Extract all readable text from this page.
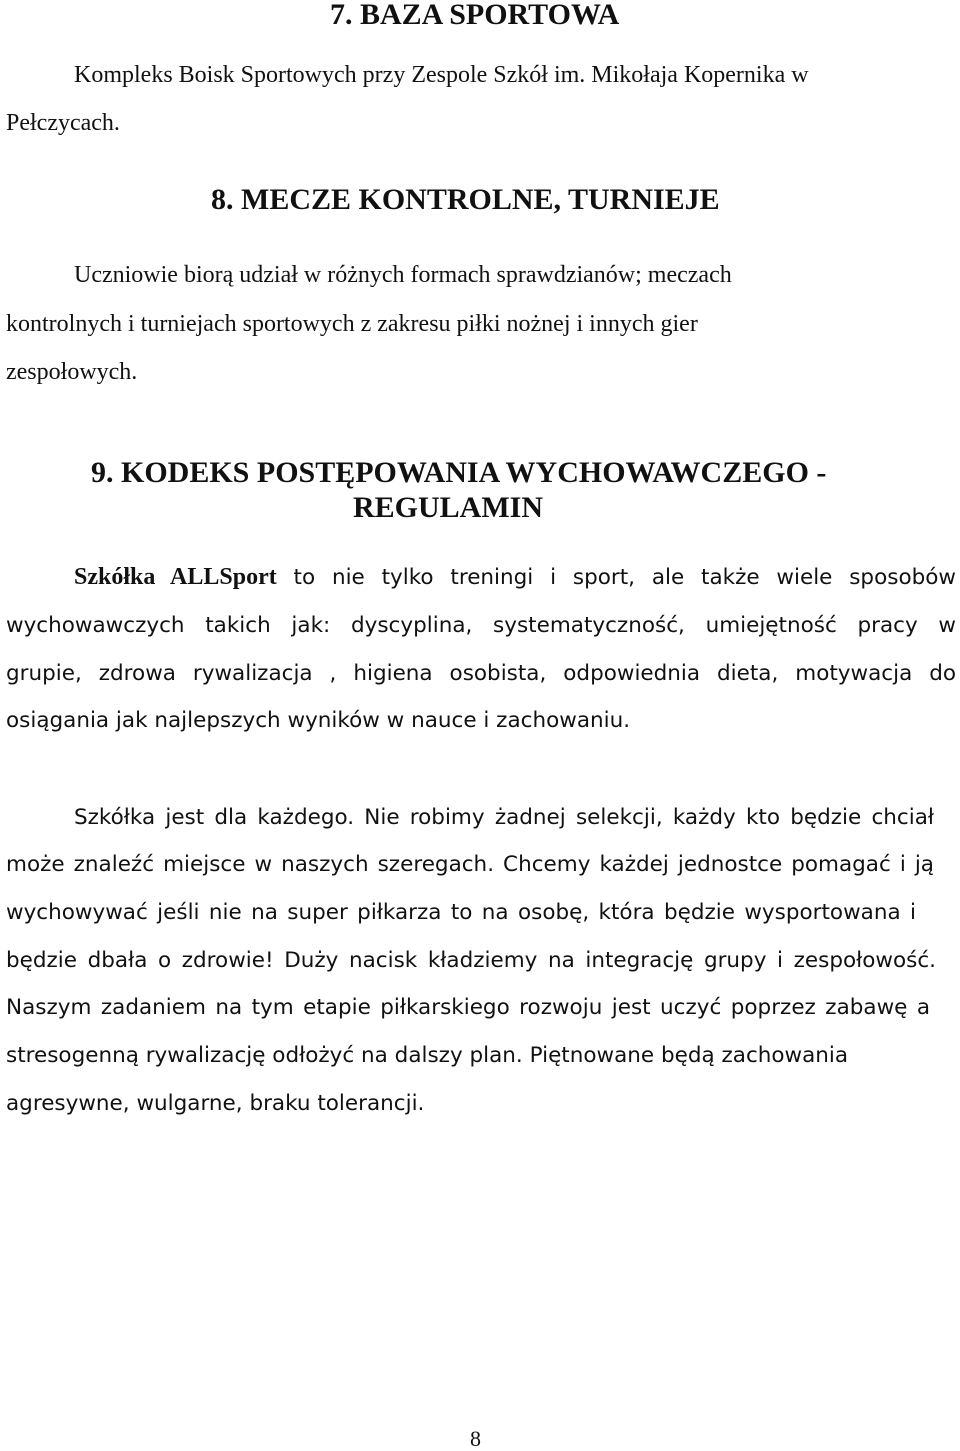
7. BAZA SPORTOWA

Kompleks Boisk Sportowych przy Zespole Szkół im. Mikołaja Kopernika w

Pełczycach.

8. MECZE KONTROLNE, TURNIEJE

Uczniowie biorą udział w różnych formach sprawdzianów; meczach

kontrolnych i turniejach sportowych z zakresu piłki nożnej i innych gier

zespołowych.

9. KODEKS POSTĘPOWANIA WYCHOWAWCZEGO -
REGULAMIN

Szkółka ALLSport to nie tylko treningi i sport, ale także wiele sposobów

wychowawczych takich jak: dyscyplina, systematyczność, umiejętność pracy w

grupie, zdrowa rywalizacja , higiena osobista, odpowiednia dieta, motywacja do

osiągania jak najlepszych wyników w nauce i zachowaniu.

Szkółka jest dla każdego. Nie robimy żadnej selekcji, każdy kto będzie chciał

może znaleźć miejsce w naszych szeregach. Chcemy każdej jednostce pomagać i ją

wychowywać jeśli nie na super piłkarza to na osobę, która będzie wysportowana i

będzie dbała o zdrowie! Duży nacisk kładziemy na integrację grupy i zespołowość.

Naszym zadaniem na tym etapie piłkarskiego rozwoju jest uczyć poprzez zabawę a

stresogenną rywalizację odłożyć na dalszy plan. Piętnowane będą zachowania

agresywne, wulgarne, braku tolerancji.

8
